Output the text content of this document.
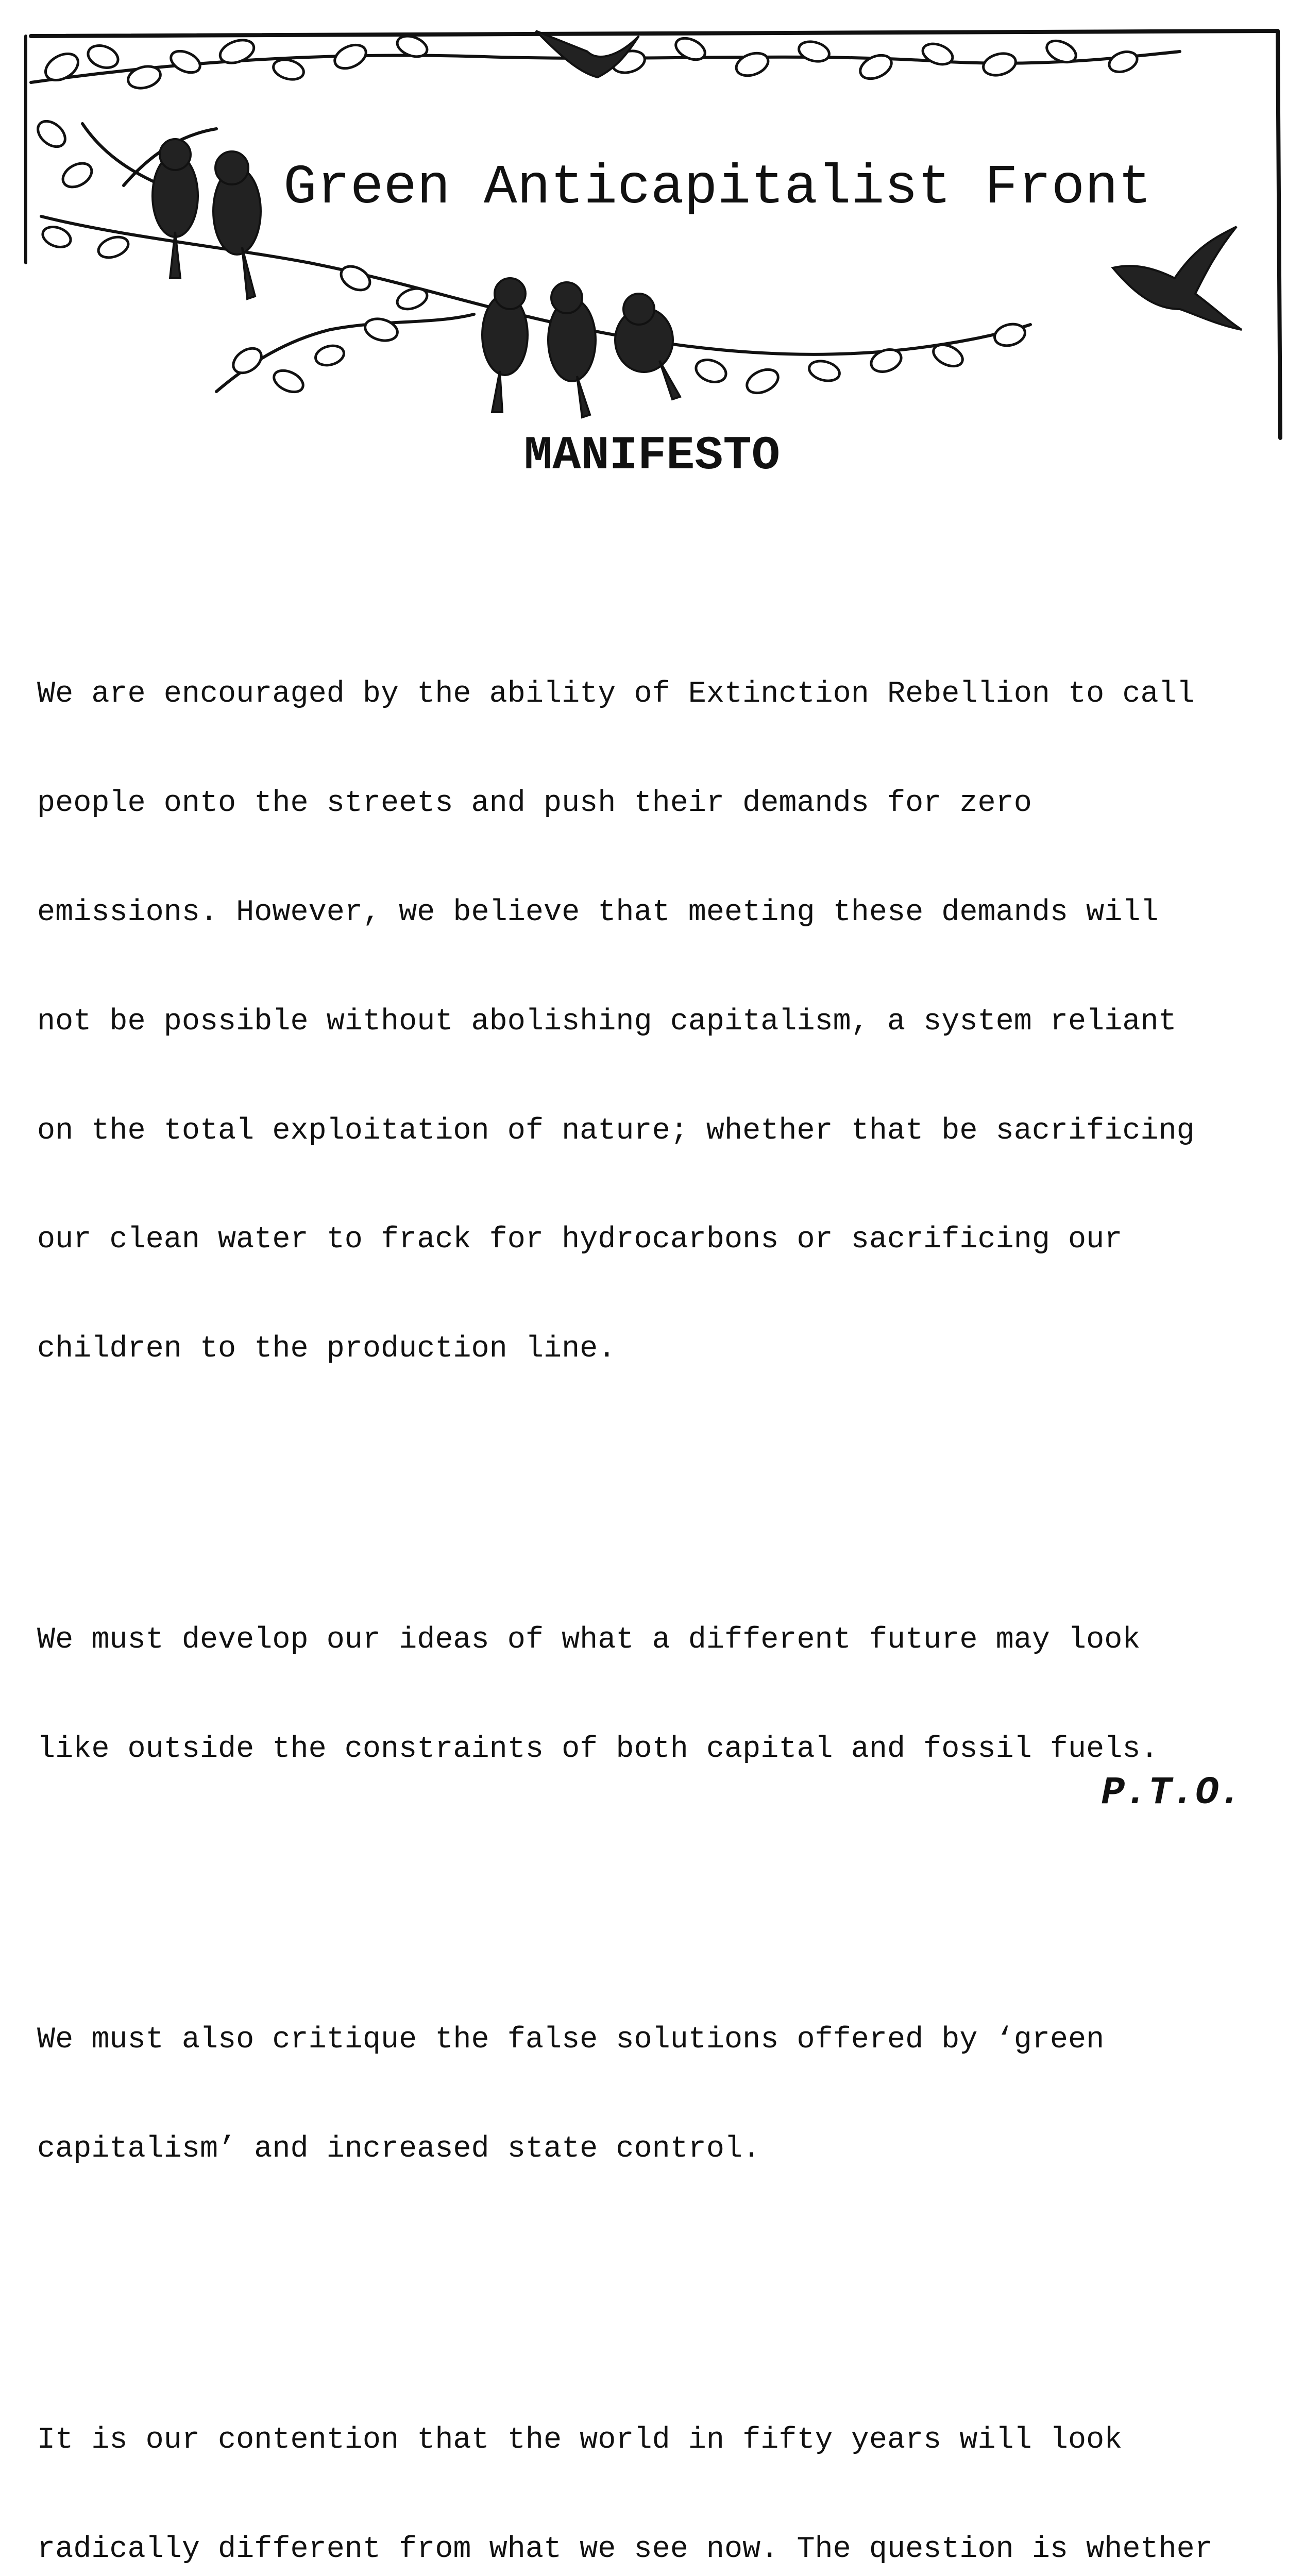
Green Anticapitalist Front
MANIFESTO

We are encouraged by the ability of Extinction Rebellion to call

people onto the streets and push their demands for zero

emissions. However, we believe that meeting these demands will

not be possible without abolishing capitalism, a system reliant

on the total exploitation of nature; whether that be sacrificing

our clean water to frack for hydrocarbons or sacrificing our

children to the production line.

We must develop our ideas of what a different future may look

like outside the constraints of both capital and fossil fuels.

We must also critique the false solutions offered by ‘green

capitalism’ and increased state control.

It is our contention that the world in fifty years will look

radically different from what we see now. The question is whether

P.T.O.
